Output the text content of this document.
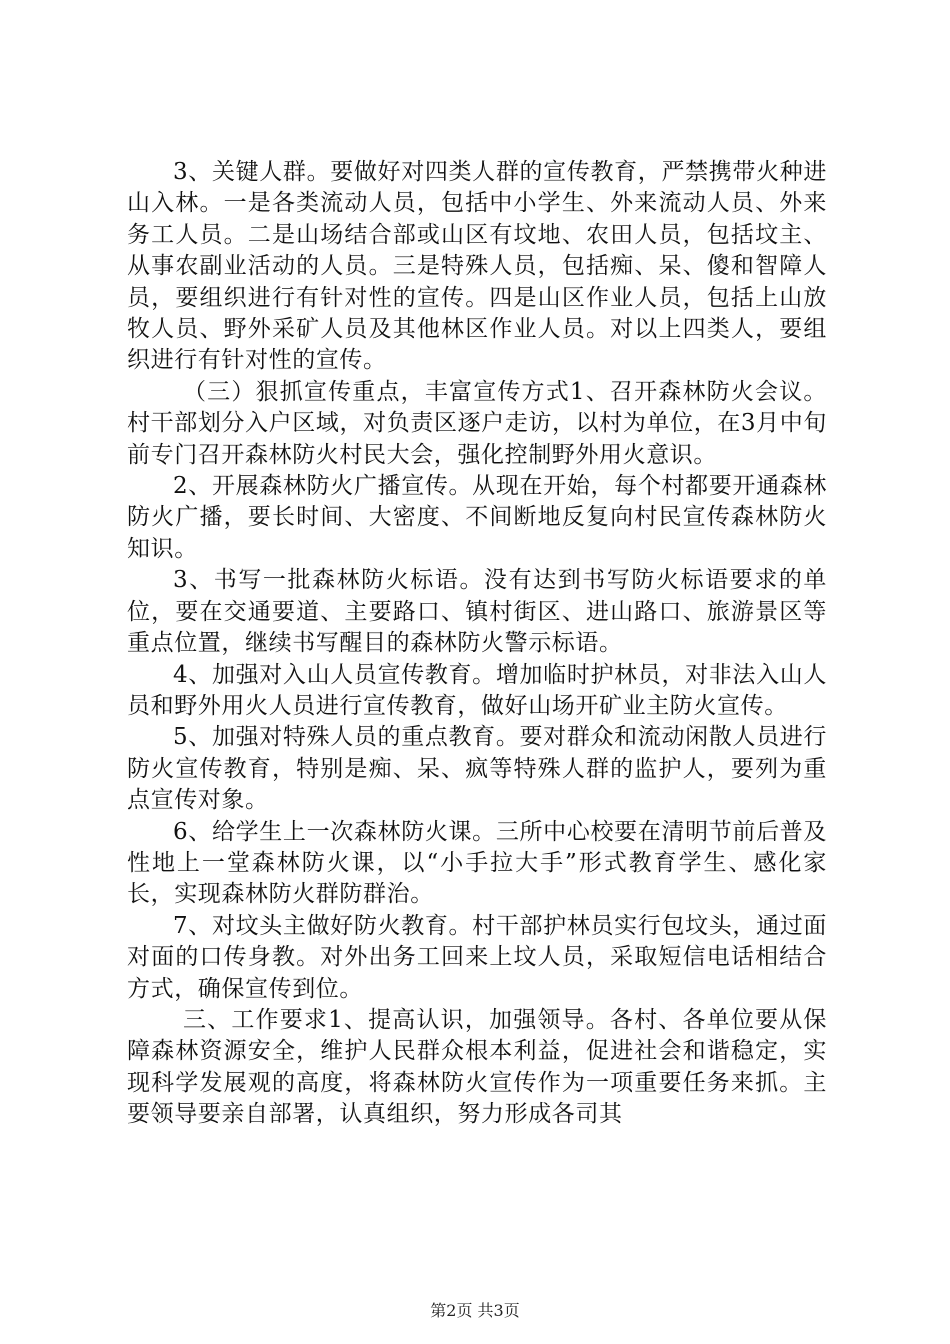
3、关键人群。要做好对四类人群的宣传教育，严禁携带火种进山入林。一是各类流动人员，包括中小学生、外来流动人员、外来务工人员。二是山场结合部或山区有坟地、农田人员，包括坟主、从事农副业活动的人员。三是特殊人员，包括痴、呆、傻和智障人员，要组织进行有针对性的宣传。四是山区作业人员，包括上山放牧人员、野外采矿人员及其他林区作业人员。对以上四类人，要组织进行有针对性的宣传。

（三）狠抓宣传重点，丰富宣传方式1、召开森林防火会议。村干部划分入户区域，对负责区逐户走访，以村为单位，在3月中旬前专门召开森林防火村民大会，强化控制野外用火意识。

2、开展森林防火广播宣传。从现在开始，每个村都要开通森林防火广播，要长时间、大密度、不间断地反复向村民宣传森林防火知识。

3、书写一批森林防火标语。没有达到书写防火标语要求的单位，要在交通要道、主要路口、镇村街区、进山路口、旅游景区等重点位置，继续书写醒目的森林防火警示标语。

4、加强对入山人员宣传教育。增加临时护林员，对非法入山人员和野外用火人员进行宣传教育，做好山场开矿业主防火宣传。

5、加强对特殊人员的重点教育。要对群众和流动闲散人员进行防火宣传教育，特别是痴、呆、疯等特殊人群的监护人，要列为重点宣传对象。

6、给学生上一次森林防火课。三所中心校要在清明节前后普及性地上一堂森林防火课，以“小手拉大手”形式教育学生、感化家长，实现森林防火群防群治。

7、对坟头主做好防火教育。村干部护林员实行包坟头，通过面对面的口传身教。对外出务工回来上坟人员，采取短信电话相结合方式，确保宣传到位。

三、工作要求1、提高认识，加强领导。各村、各单位要从保障森林资源安全，维护人民群众根本利益，促进社会和谐稳定，实现科学发展观的高度，将森林防火宣传作为一项重要任务来抓。主要领导要亲自部署，认真组织，努力形成各司其

第2页 共3页
